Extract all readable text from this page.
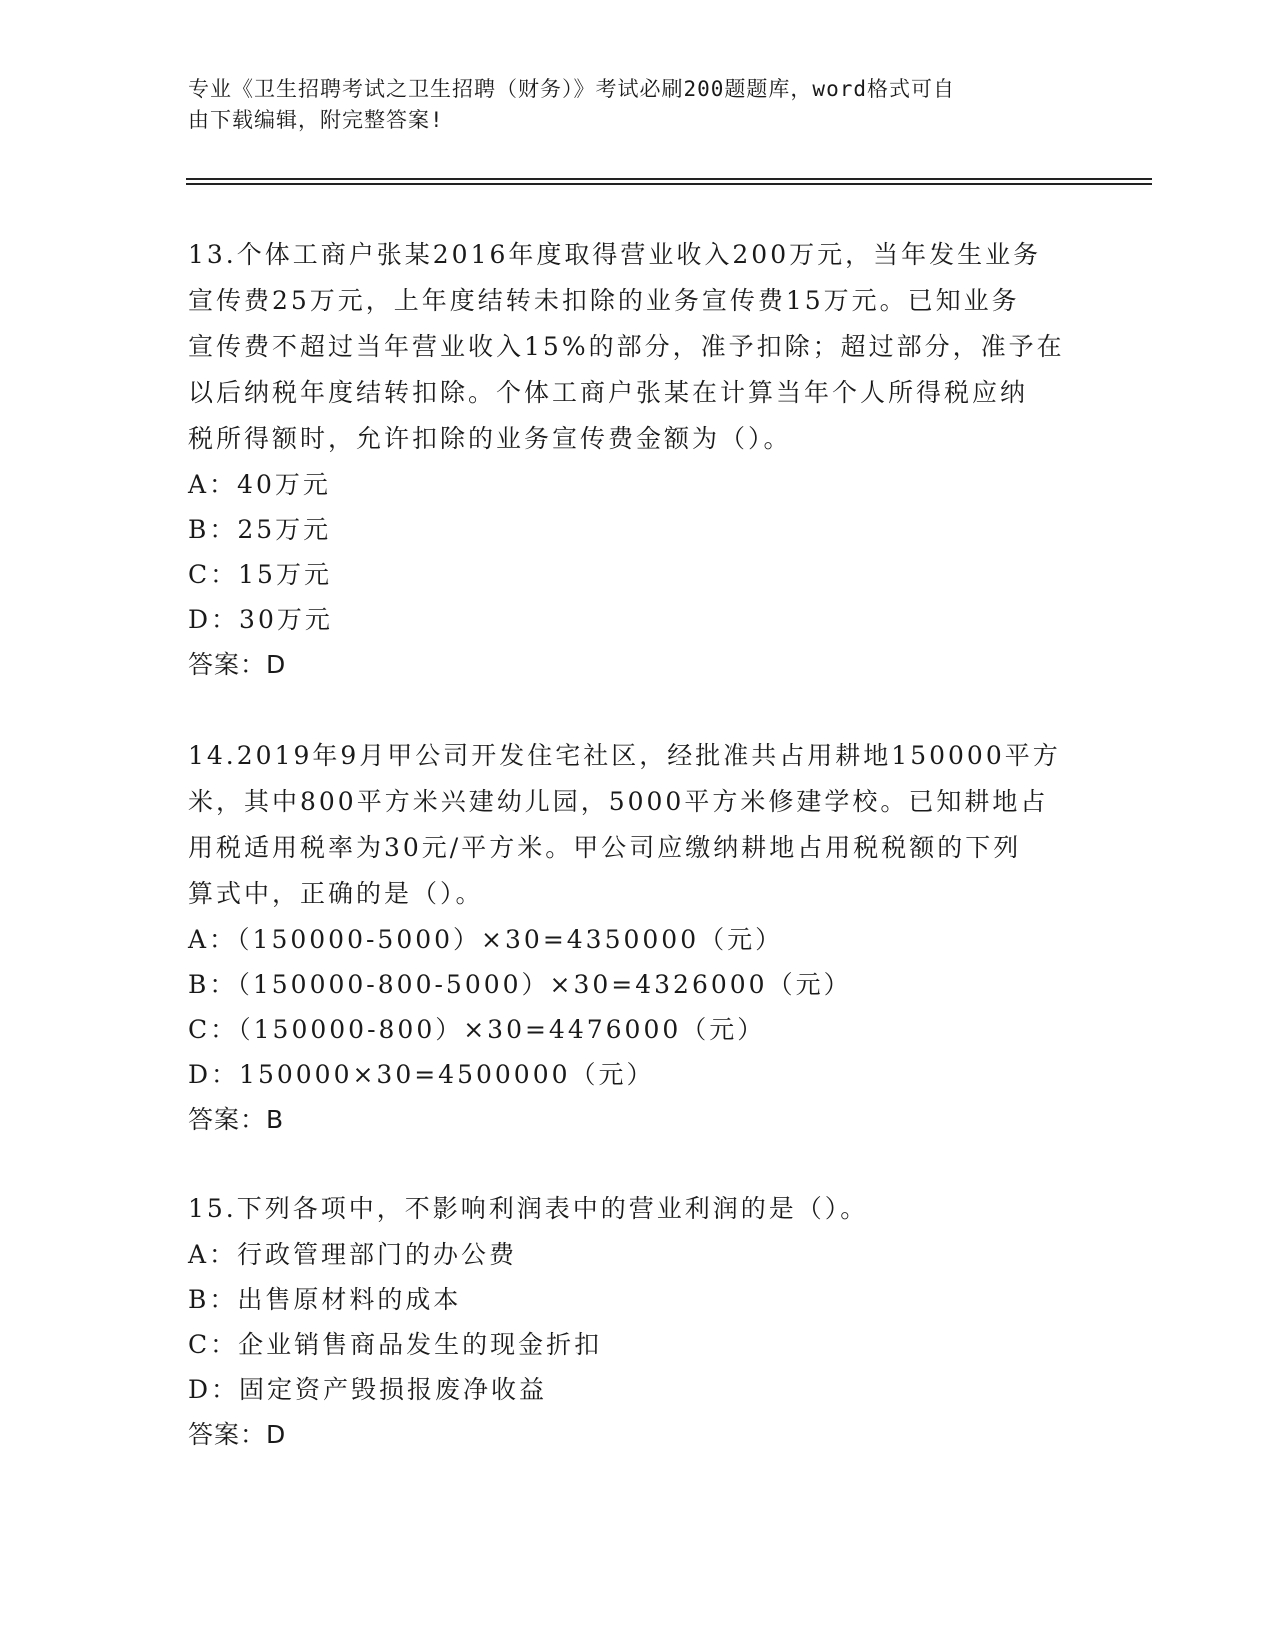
专业《卫生招聘考试之卫生招聘（财务）》考试必刷200题题库，word格式可自
由下载编辑，附完整答案!

13.个体工商户张某2016年度取得营业收入200万元，当年发生业务

宣传费25万元，上年度结转未扣除的业务宣传费15万元。已知业务

宣传费不超过当年营业收入15%的部分，准予扣除；超过部分，准予在

以后纳税年度结转扣除。个体工商户张某在计算当年个人所得税应纳

税所得额时，允许扣除的业务宣传费金额为（）。

A：40万元

B：25万元

C：15万元

D：30万元

答案：D

14.2019年9月甲公司开发住宅社区，经批准共占用耕地150000平方

米，其中800平方米兴建幼儿园，5000平方米修建学校。已知耕地占

用税适用税率为30元/平方米。甲公司应缴纳耕地占用税税额的下列

算式中，正确的是（）。

A：（150000-5000）×30=4350000（元）

B：（150000-800-5000）×30=4326000（元）

C：（150000-800）×30=4476000（元）

D：150000×30=4500000（元）

答案：B

15.下列各项中，不影响利润表中的营业利润的是（）。

A：行政管理部门的办公费

B：出售原材料的成本

C：企业销售商品发生的现金折扣

D：固定资产毁损报废净收益

答案：D
